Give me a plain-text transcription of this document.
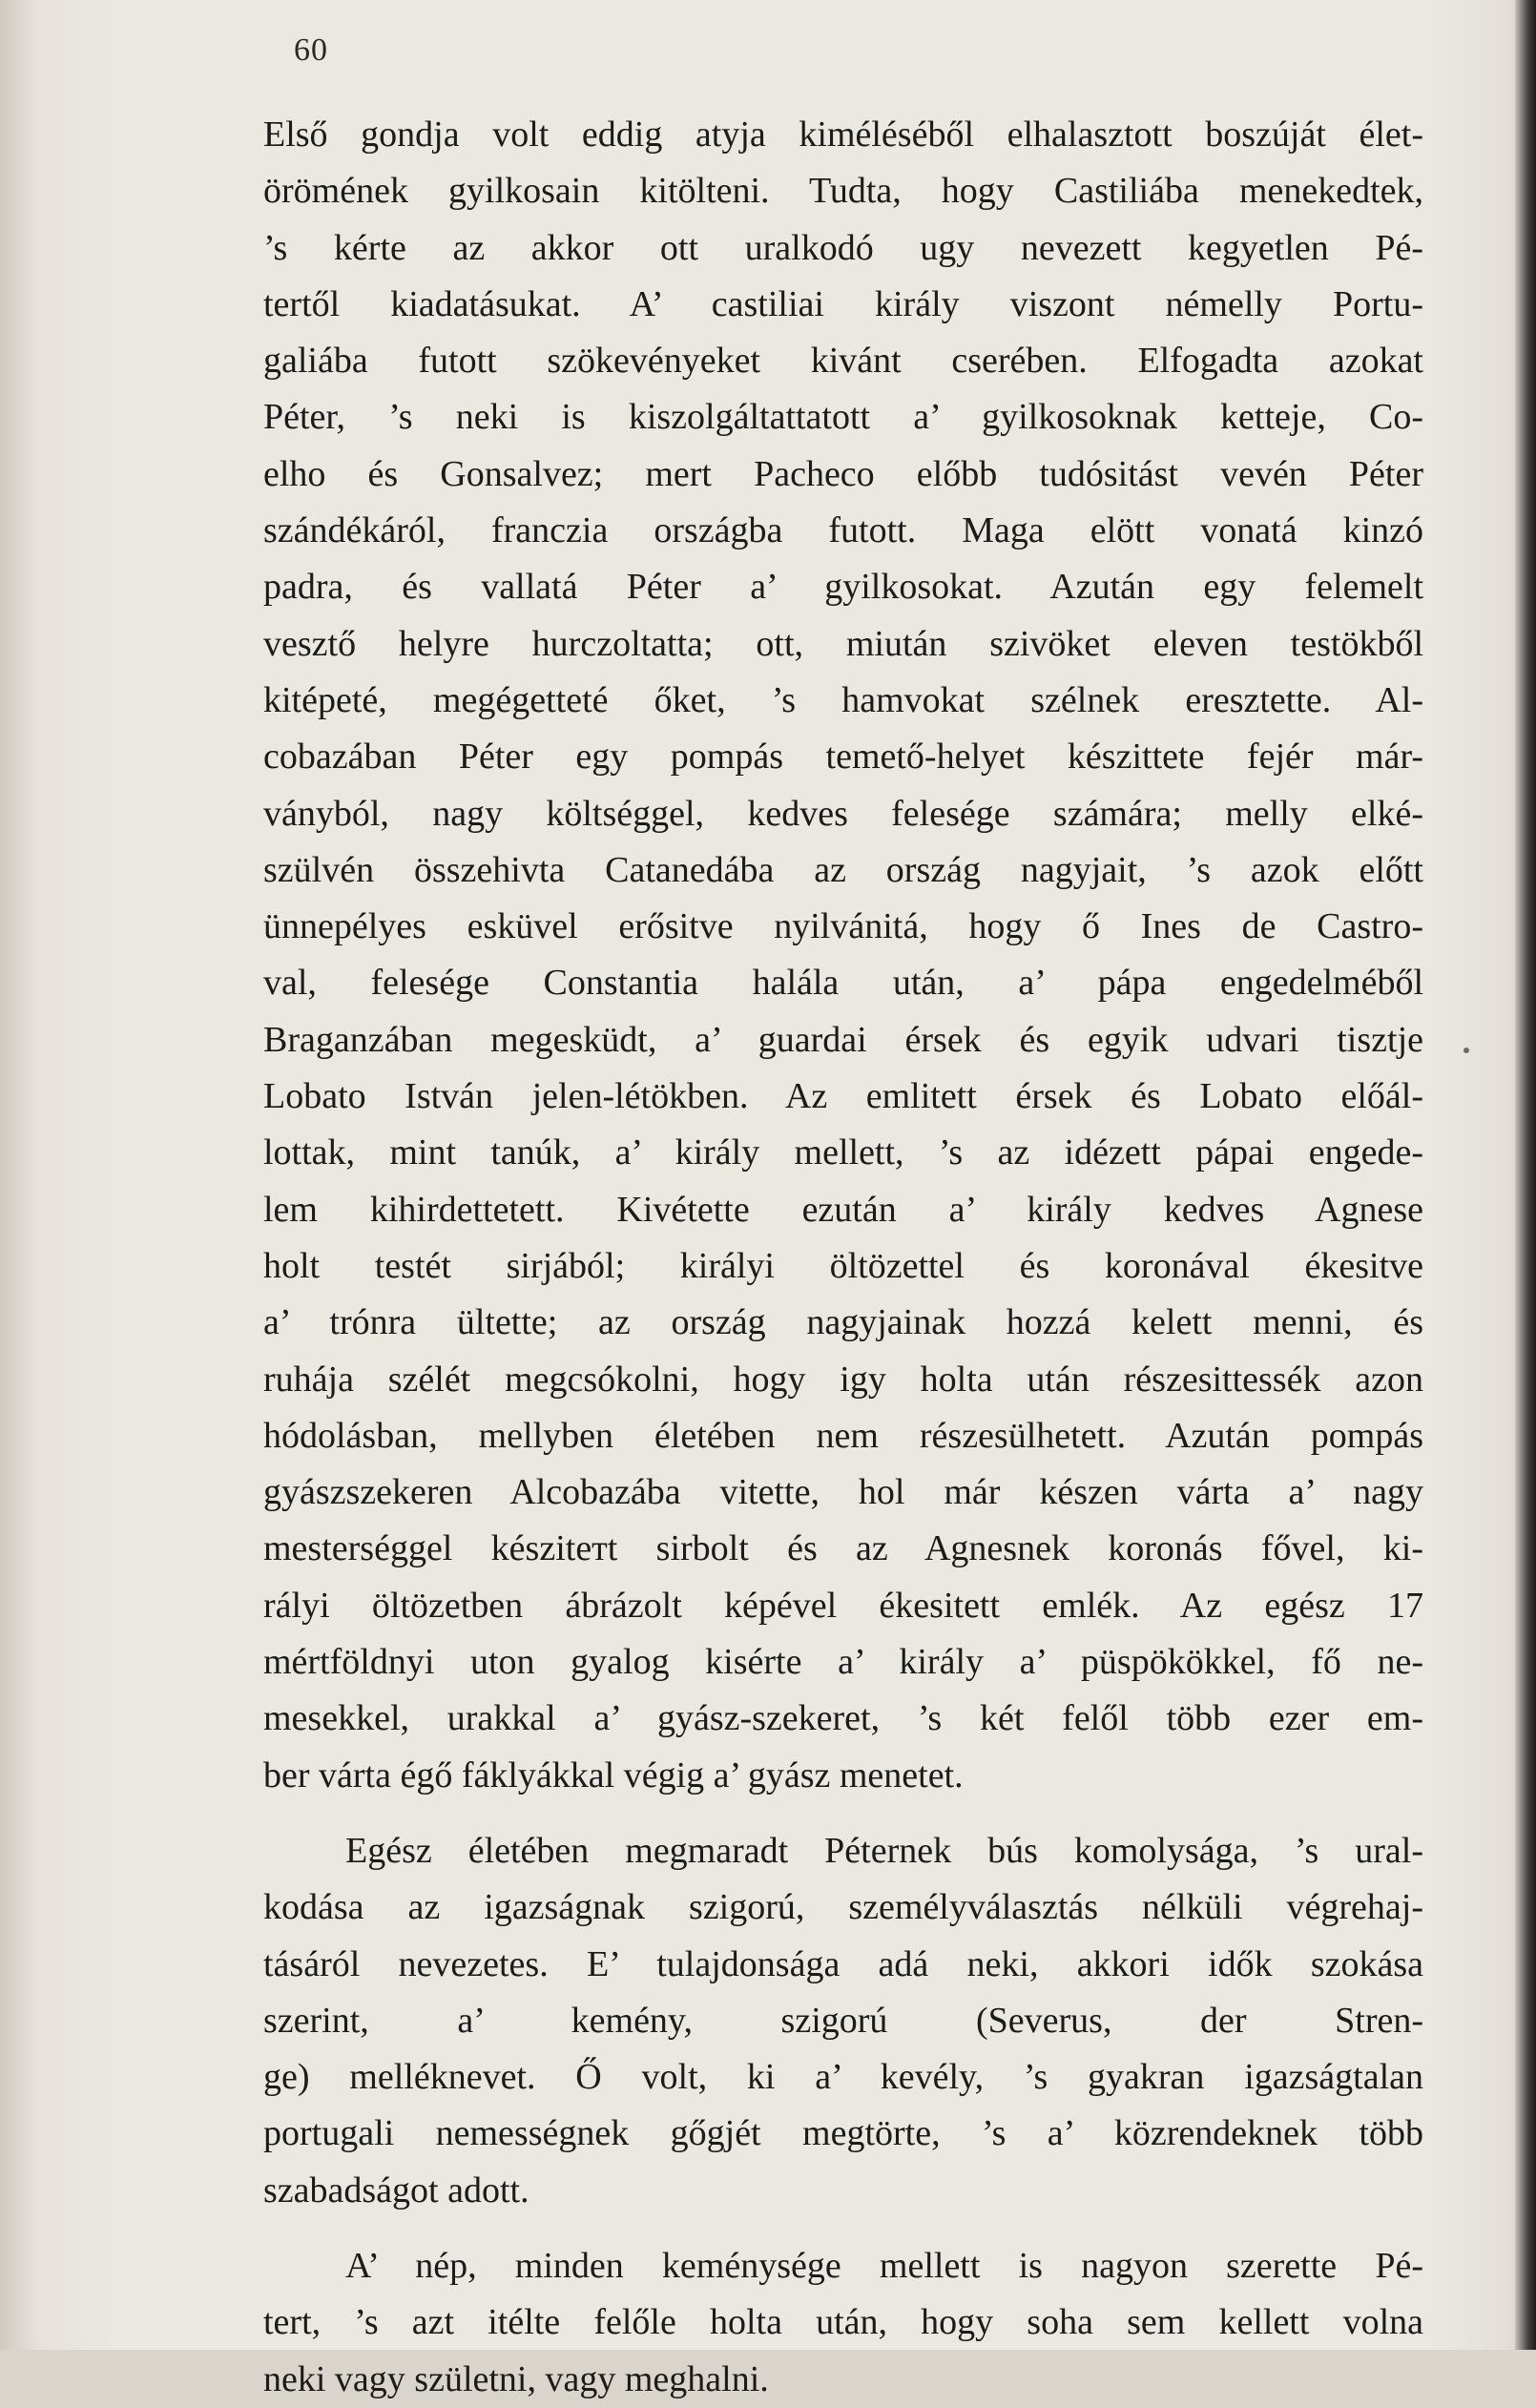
60
Első gondja volt eddig atyja kiméléséből elhalasztott boszúját élet-
örömének gyilkosain kitölteni. Tudta, hogy Castiliába menekedtek,
’s kérte az akkor ott uralkodó ugy nevezett kegyetlen Pé-
tertől kiadatásukat. A’ castiliai király viszont némelly Portu-
galiába futott szökevényeket kivánt cserében. Elfogadta azokat
Péter, ’s neki is kiszolgáltattatott a’ gyilkosoknak ketteje, Co-
elho és Gonsalvez; mert Pacheco előbb tudósitást vevén Péter
szándékáról, franczia országba futott. Maga elött vonatá kinzó
padra, és vallatá Péter a’ gyilkosokat. Azután egy felemelt
vesztő helyre hurczoltatta; ott, miután szivöket eleven testökből
kitépeté, megégetteté őket, ’s hamvokat szélnek eresztette. Al-
cobazában Péter egy pompás temető-helyet készittete fejér már-
ványból, nagy költséggel, kedves felesége számára; melly elké-
szülvén összehivta Catanedába az ország nagyjait, ’s azok előtt
ünnepélyes esküvel erősitve nyilvánitá, hogy ő Ines de Castro-
val, felesége Constantia halála után, a’ pápa engedelméből
Braganzában megesküdt, a’ guardai érsek és egyik udvari tisztje
Lobato István jelen-létökben. Az emlitett érsek és Lobato előál-
lottak, mint tanúk, a’ király mellett, ’s az idézett pápai engede-
lem kihirdettetett. Kivétette ezután a’ király kedves Agnese
holt testét sirjából; királyi öltözettel és koronával ékesitve
a’ trónra ültette; az ország nagyjainak hozzá kelett menni, és
ruhája szélét megcsókolni, hogy igy holta után részesittessék azon
hódolásban, mellyben életében nem részesülhetett. Azután pompás
gyászszekeren Alcobazába vitette, hol már készen várta a’ nagy
mesterséggel késziteтt sirbolt és az Agnesnek koronás fővel, ki-
rályi öltözetben ábrázolt képével ékesitett emlék. Az egész 17
mértföldnyi uton gyalog kisérte a’ király a’ püspökökkel, fő ne-
mesekkel, urakkal a’ gyász-szekeret, ’s két felől több ezer em-
ber várta égő fáklyákkal végig a’ gyász menetet.
Egész életében megmaradt Péternek bús komolysága, ’s ural-
kodása az igazságnak szigorú, személyválasztás nélküli végrehaj-
tásáról nevezetes. E’ tulajdonsága adá neki, akkori idők szokása
szerint, a’ kemény, szigorú (Severus, der Stren-
ge) melléknevet. Ő volt, ki a’ kevély, ’s gyakran igazságtalan
portugali nemességnek gőgjét megtörte, ’s a’ közrendeknek több
szabadságot adott.
A’ nép, minden keménysége mellett is nagyon szerette Pé-
tert, ’s azt itélte felőle holta után, hogy soha sem kellett volna
neki vagy születni, vagy meghalni.
